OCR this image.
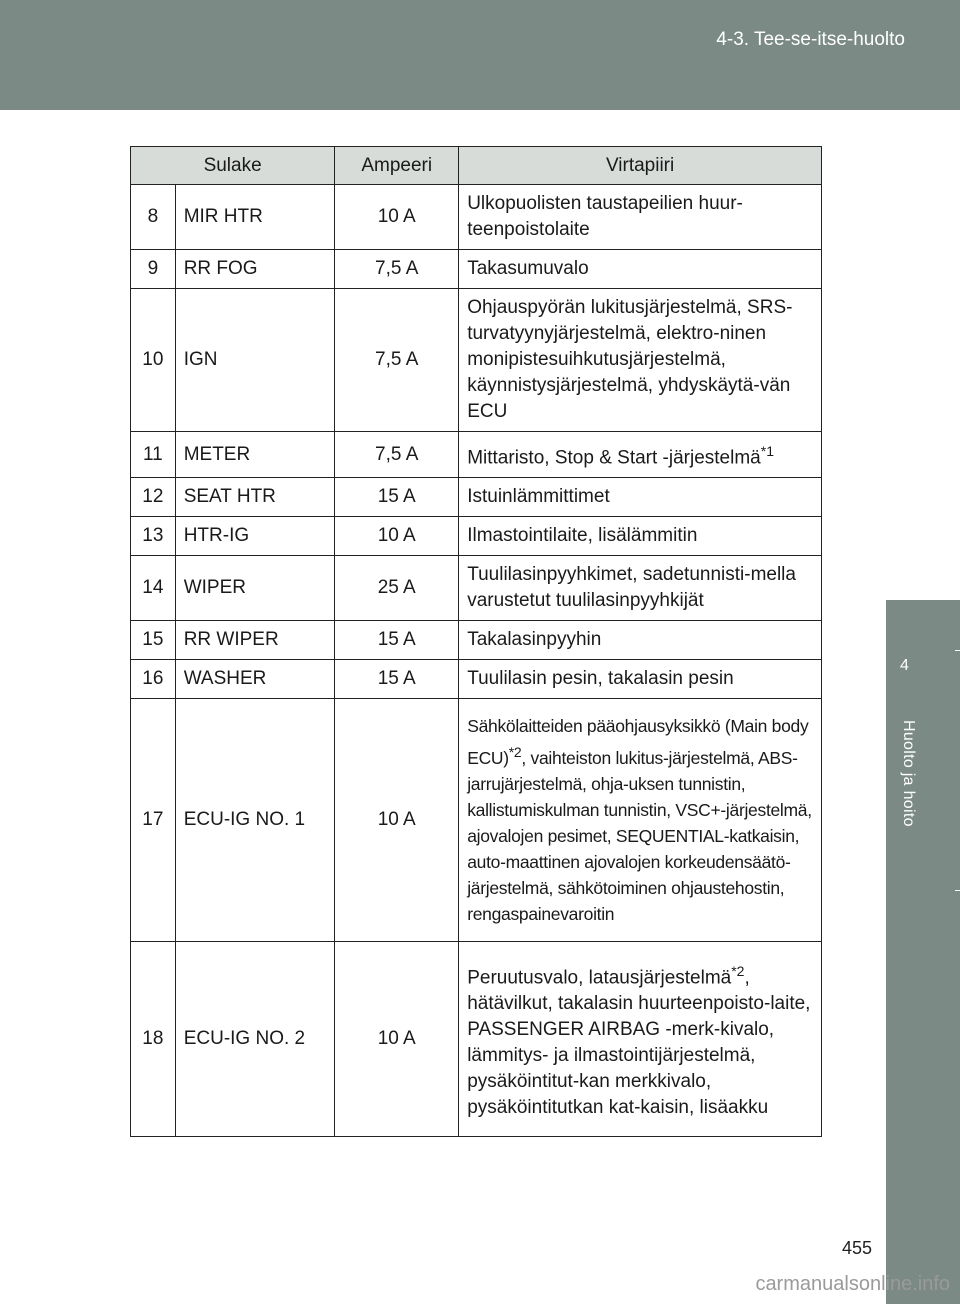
4-3. Tee-se-itse-huolto
4
Huolto ja hoito
Sulake		Ampeeri	Virtapiiri
8	MIR HTR	10 A	Ulkopuolisten taustapeilien huur-teenpoistolaite
9	RR FOG	7,5 A	Takasumuvalo
10	IGN	7,5 A	Ohjauspyörän lukitusjärjestelmä, SRS-turvatyynyjärjestelmä, elektro-ninen monipistesuihkutusjärjestelmä, käynnistysjärjestelmä, yhdyskäytä-vän ECU
11	METER	7,5 A	Mittaristo, Stop & Start -järjestelmä$^{*1}$
12	SEAT HTR	15 A	Istuinlämmittimet
13	HTR-IG	10 A	Ilmastointilaite, lisälämmitin
14	WIPER	25 A	Tuulilasinpyyhkimet, sadetunnisti-mella varustetut tuulilasinpyyhkijät
15	RR WIPER	15 A	Takalasinpyyhin
16	WASHER	15 A	Tuulilasin pesin, takalasin pesin
17	ECU-IG NO. 1	10 A	Sähkölaitteiden pääohjausyksikkö (Main body ECU)$^{*2}$, vaihteiston lukitus-järjestelmä, ABS-jarrujärjestelmä, ohja-uksen tunnistin, kallistumiskulman tunnistin, VSC+-järjestelmä, ajovalojen pesimet, SEQUENTIAL-katkaisin, auto-maattinen ajovalojen korkeudensäätö-järjestelmä, sähkötoiminen ohjaustehostin, rengaspainevaroitin
18	ECU-IG NO. 2	10 A	Peruutusvalo, latausjärjestelmä$^{*2}$, hätävilkut, takalasin huurteenpoisto-laite, PASSENGER AIRBAG -merk-kivalo, lämmitys- ja ilmastointijärjestelmä, pysäköintitut-kan merkkivalo, pysäköintitutkan kat-kaisin, lisäakku
455
carmanualsonline.info
